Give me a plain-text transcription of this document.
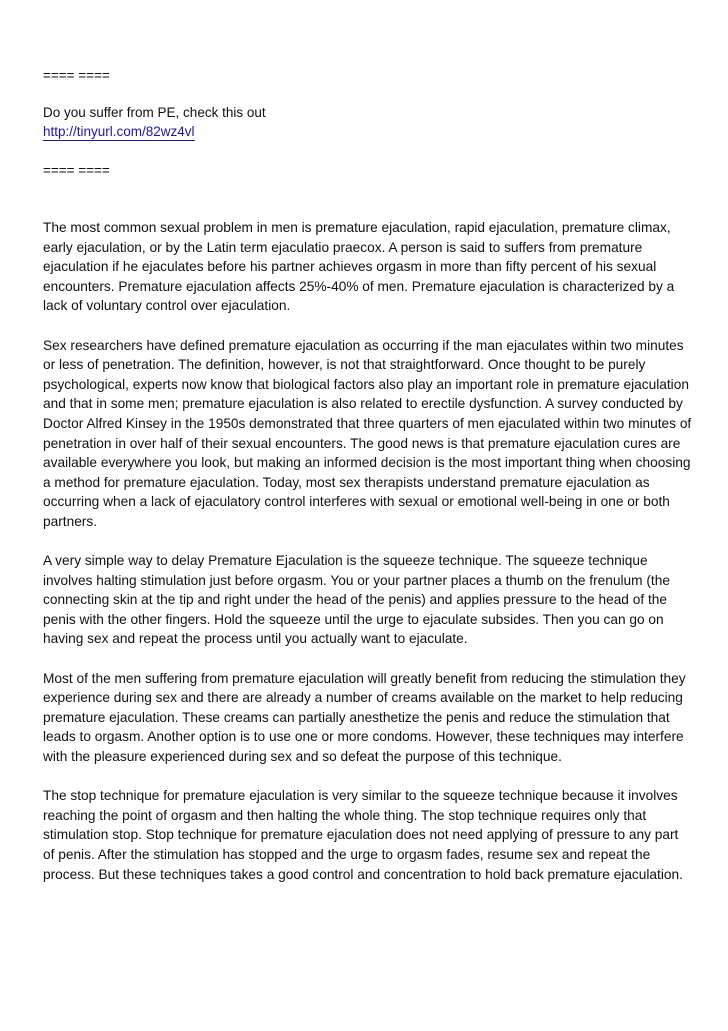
==== ====

Do you suffer from PE, check this out

http://tinyurl.com/82wz4vl

==== ====

The most common sexual problem in men is premature ejaculation, rapid ejaculation, premature climax, early ejaculation, or by the Latin term ejaculatio praecox. A person is said to suffers from premature ejaculation if he ejaculates before his partner achieves orgasm in more than fifty percent of his sexual encounters. Premature ejaculation affects 25%-40% of men. Premature ejaculation is characterized by a lack of voluntary control over ejaculation.

Sex researchers have defined premature ejaculation as occurring if the man ejaculates within two minutes or less of penetration. The definition, however, is not that straightforward. Once thought to be purely psychological, experts now know that biological factors also play an important role in premature ejaculation and that in some men; premature ejaculation is also related to erectile dysfunction. A survey conducted by Doctor Alfred Kinsey in the 1950s demonstrated that three quarters of men ejaculated within two minutes of penetration in over half of their sexual encounters. The good news is that premature ejaculation cures are available everywhere you look, but making an informed decision is the most important thing when choosing a method for premature ejaculation. Today, most sex therapists understand premature ejaculation as occurring when a lack of ejaculatory control interferes with sexual or emotional well-being in one or both partners.

A very simple way to delay Premature Ejaculation is the squeeze technique. The squeeze technique involves halting stimulation just before orgasm. You or your partner places a thumb on the frenulum (the connecting skin at the tip and right under the head of the penis) and applies pressure to the head of the penis with the other fingers. Hold the squeeze until the urge to ejaculate subsides. Then you can go on having sex and repeat the process until you actually want to ejaculate.

Most of the men suffering from premature ejaculation will greatly benefit from reducing the stimulation they experience during sex and there are already a number of creams available on the market to help reducing premature ejaculation. These creams can partially anesthetize the penis and reduce the stimulation that leads to orgasm. Another option is to use one or more condoms. However, these techniques may interfere with the pleasure experienced during sex and so defeat the purpose of this technique.

The stop technique for premature ejaculation is very similar to the squeeze technique because it involves reaching the point of orgasm and then halting the whole thing. The stop technique requires only that stimulation stop. Stop technique for premature ejaculation does not need applying of pressure to any part of penis. After the stimulation has stopped and the urge to orgasm fades, resume sex and repeat the process. But these techniques takes a good control and concentration to hold back premature ejaculation.
